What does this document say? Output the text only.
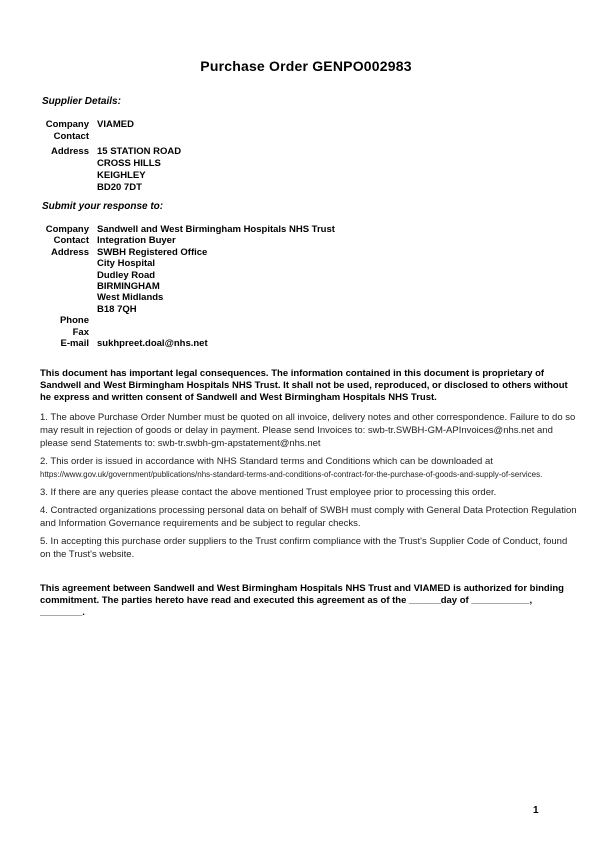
Purchase Order GENPO002983
Supplier Details:
Company VIAMED
Contact
Address 15 STATION ROAD
CROSS HILLS
KEIGHLEY
BD20 7DT
Submit your response to:
Company Sandwell and West Birmingham Hospitals NHS Trust
Contact Integration Buyer
Address SWBH Registered Office
City Hospital
Dudley Road
BIRMINGHAM
West Midlands
B18 7QH
Phone
Fax
E-mail sukhpreet.doal@nhs.net
This document has important legal consequences. The information contained in this document is proprietary of Sandwell and West Birmingham Hospitals NHS Trust. It shall not be used, reproduced, or disclosed to others without he express and written consent of Sandwell and West Birmingham Hospitals NHS Trust.

1. The above Purchase Order Number must be quoted on all invoice, delivery notes and other correspondence. Failure to do so may result in rejection of goods or delay in payment. Please send Invoices to: swb-tr.SWBH-GM-APInvoices@nhs.net and please send Statements to: swb-tr.swbh-gm-apstatement@nhs.net

2. This order is issued in accordance with NHS Standard terms and Conditions which can be downloaded at https://www.gov.uk/government/publications/nhs-standard-terms-and-conditions-of-contract-for-the-purchase-of-goods-and-supply-of-services.

3. If there are any queries please contact the above mentioned Trust employee prior to processing this order.

4. Contracted organizations processing personal data on behalf of SWBH must comply with General Data Protection Regulation and Information Governance requirements and be subject to regular checks.

5. In accepting this purchase order suppliers to the Trust confirm compliance with the Trust's Supplier Code of Conduct, found on the Trust's website.

This agreement between Sandwell and West Birmingham Hospitals NHS Trust and VIAMED is authorized for binding commitment. The parties hereto have read and executed this agreement as of the ______day of ___________, ________.
1
